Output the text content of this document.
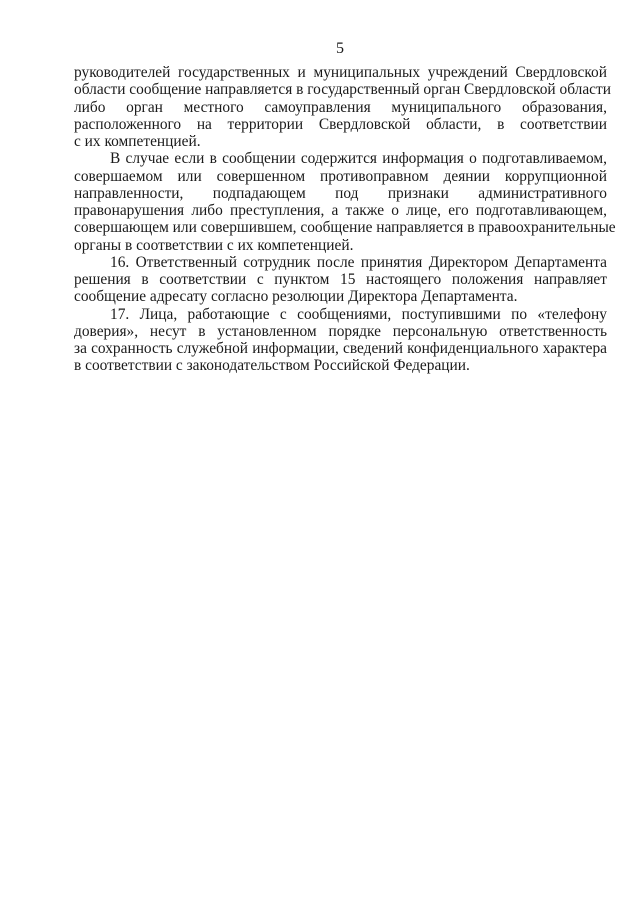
5
руководителей государственных и муниципальных учреждений Свердловской
области сообщение направляется в государственный орган Свердловской области
либо орган местного самоуправления муниципального образования,
расположенного на территории Свердловской области, в соответствии
с их компетенцией.
В случае если в сообщении содержится информация о подготавливаемом,
совершаемом или совершенном противоправном деянии коррупционной
направленности, подпадающем под признаки административного
правонарушения либо преступления, а также о лице, его подготавливающем,
совершающем или совершившем, сообщение направляется в правоохранительные
органы в соответствии с их компетенцией.
16. Ответственный сотрудник после принятия Директором Департамента
решения в соответствии с пунктом 15 настоящего положения направляет
сообщение адресату согласно резолюции Директора Департамента.
17. Лица, работающие с сообщениями, поступившими по «телефону
доверия», несут в установленном порядке персональную ответственность
за сохранность служебной информации, сведений конфиденциального характера
в соответствии с законодательством Российской Федерации.
